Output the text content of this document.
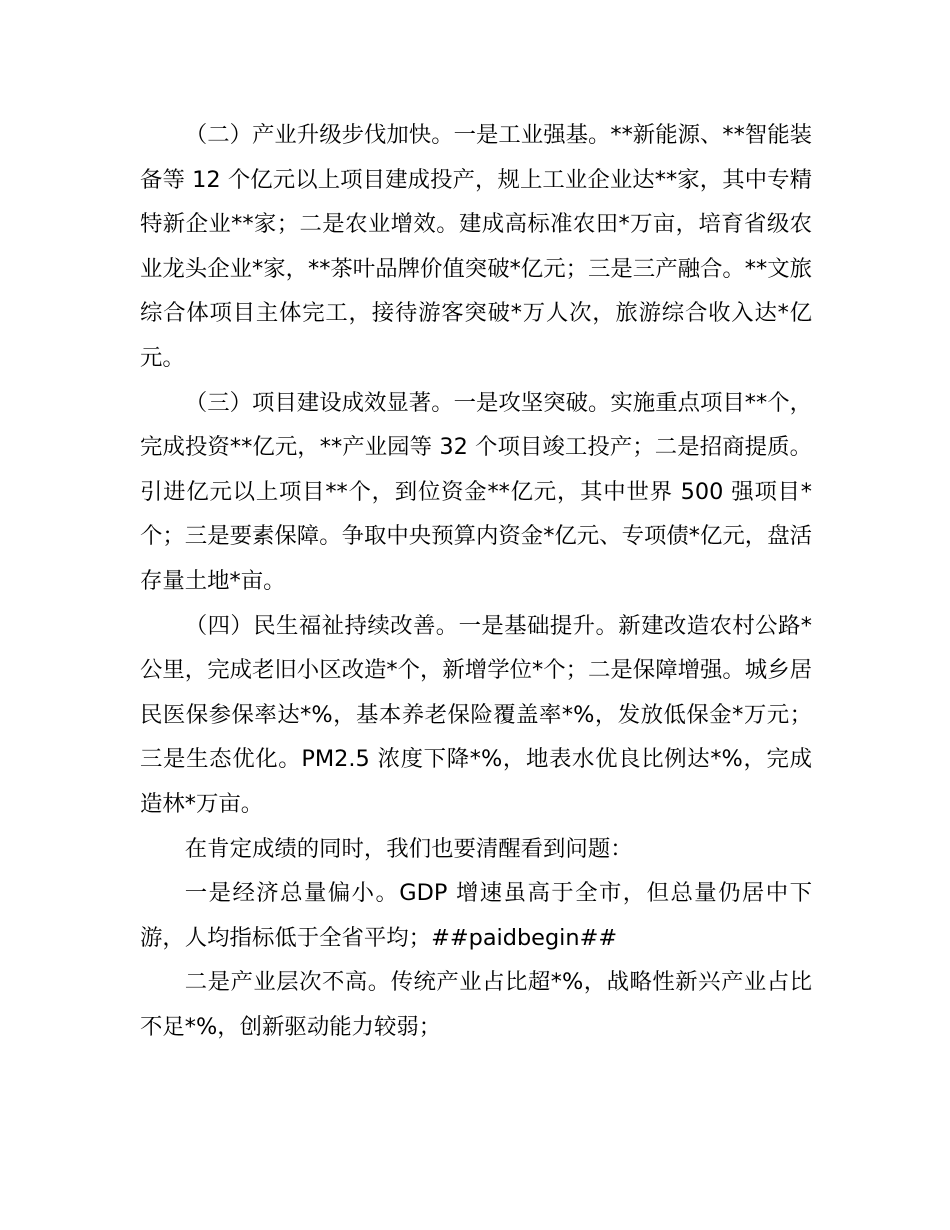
（二）产业升级步伐加快。一是工业强基。**新能源、**智能装备等 12 个亿元以上项目建成投产，规上工业企业达**家，其中专精特新企业**家；二是农业增效。建成高标准农田*万亩，培育省级农业龙头企业*家，**茶叶品牌价值突破*亿元；三是三产融合。**文旅综合体项目主体完工，接待游客突破*万人次，旅游综合收入达*亿元。

（三）项目建设成效显著。一是攻坚突破。实施重点项目**个，完成投资**亿元，**产业园等 32 个项目竣工投产；二是招商提质。引进亿元以上项目**个，到位资金**亿元，其中世界 500 强项目*个；三是要素保障。争取中央预算内资金*亿元、专项债*亿元，盘活存量土地*亩。

（四）民生福祉持续改善。一是基础提升。新建改造农村公路*公里，完成老旧小区改造*个，新增学位*个；二是保障增强。城乡居民医保参保率达*%，基本养老保险覆盖率*%，发放低保金*万元；三是生态优化。PM2.5 浓度下降*%，地表水优良比例达*%，完成造林*万亩。

在肯定成绩的同时，我们也要清醒看到问题：

一是经济总量偏小。GDP 增速虽高于全市，但总量仍居中下游，人均指标低于全省平均；##paidbegin##

二是产业层次不高。传统产业占比超*%，战略性新兴产业占比不足*%，创新驱动能力较弱；
